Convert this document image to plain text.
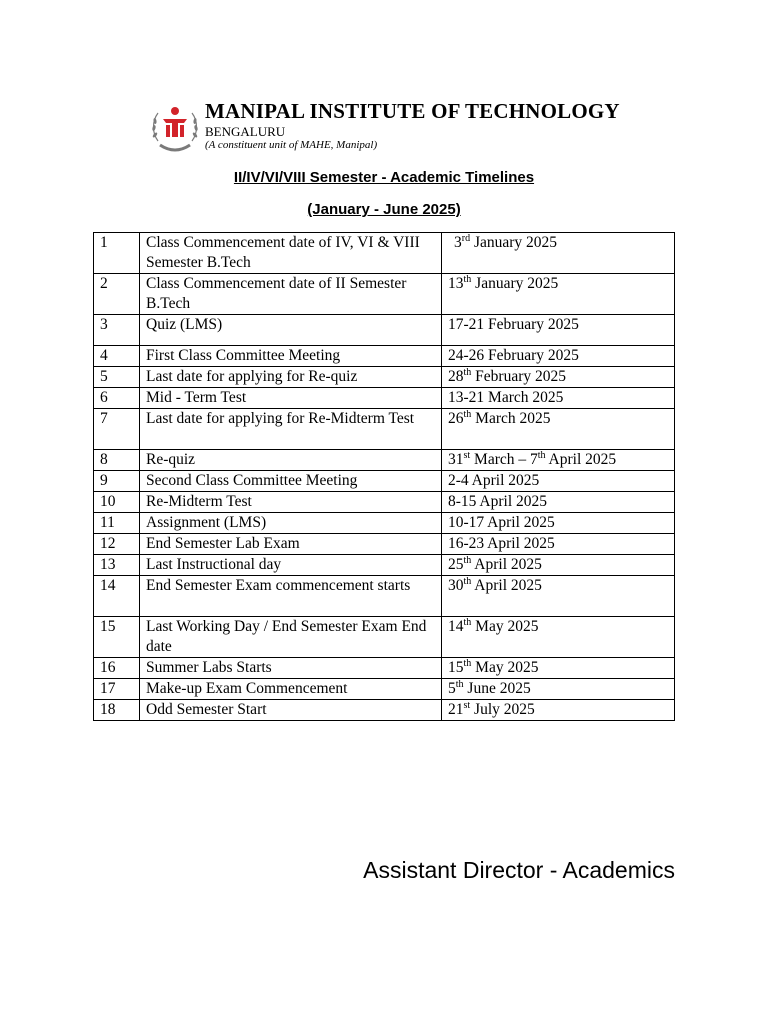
MANIPAL INSTITUTE OF TECHNOLOGY
BENGALURU
(A constituent unit of MAHE, Manipal)
II/IV/VI/VIII Semester - Academic Timelines
(January - June 2025)
1	Class Commencement date of IV, VI & VIII Semester B.Tech	3rd January 2025
2	Class Commencement date of II Semester B.Tech	13th January 2025
3	Quiz (LMS)	17-21 February 2025
4	First Class Committee Meeting	24-26 February 2025
5	Last date for applying for Re-quiz	28th February 2025
6	Mid - Term Test	13-21 March 2025
7	Last date for applying for Re-Midterm Test	26th March 2025
8	Re-quiz	31st March – 7th April 2025
9	Second Class Committee Meeting	2-4 April 2025
10	Re-Midterm Test	8-15 April 2025
11	Assignment (LMS)	10-17 April 2025
12	End Semester Lab Exam	16-23 April 2025
13	Last Instructional day	25th April 2025
14	End Semester Exam commencement starts	30th April 2025
15	Last Working Day / End Semester Exam End date	14th May 2025
16	Summer Labs Starts	15th May 2025
17	Make-up Exam Commencement	5th June 2025
18	Odd Semester Start	21st July 2025
Assistant Director - Academics
